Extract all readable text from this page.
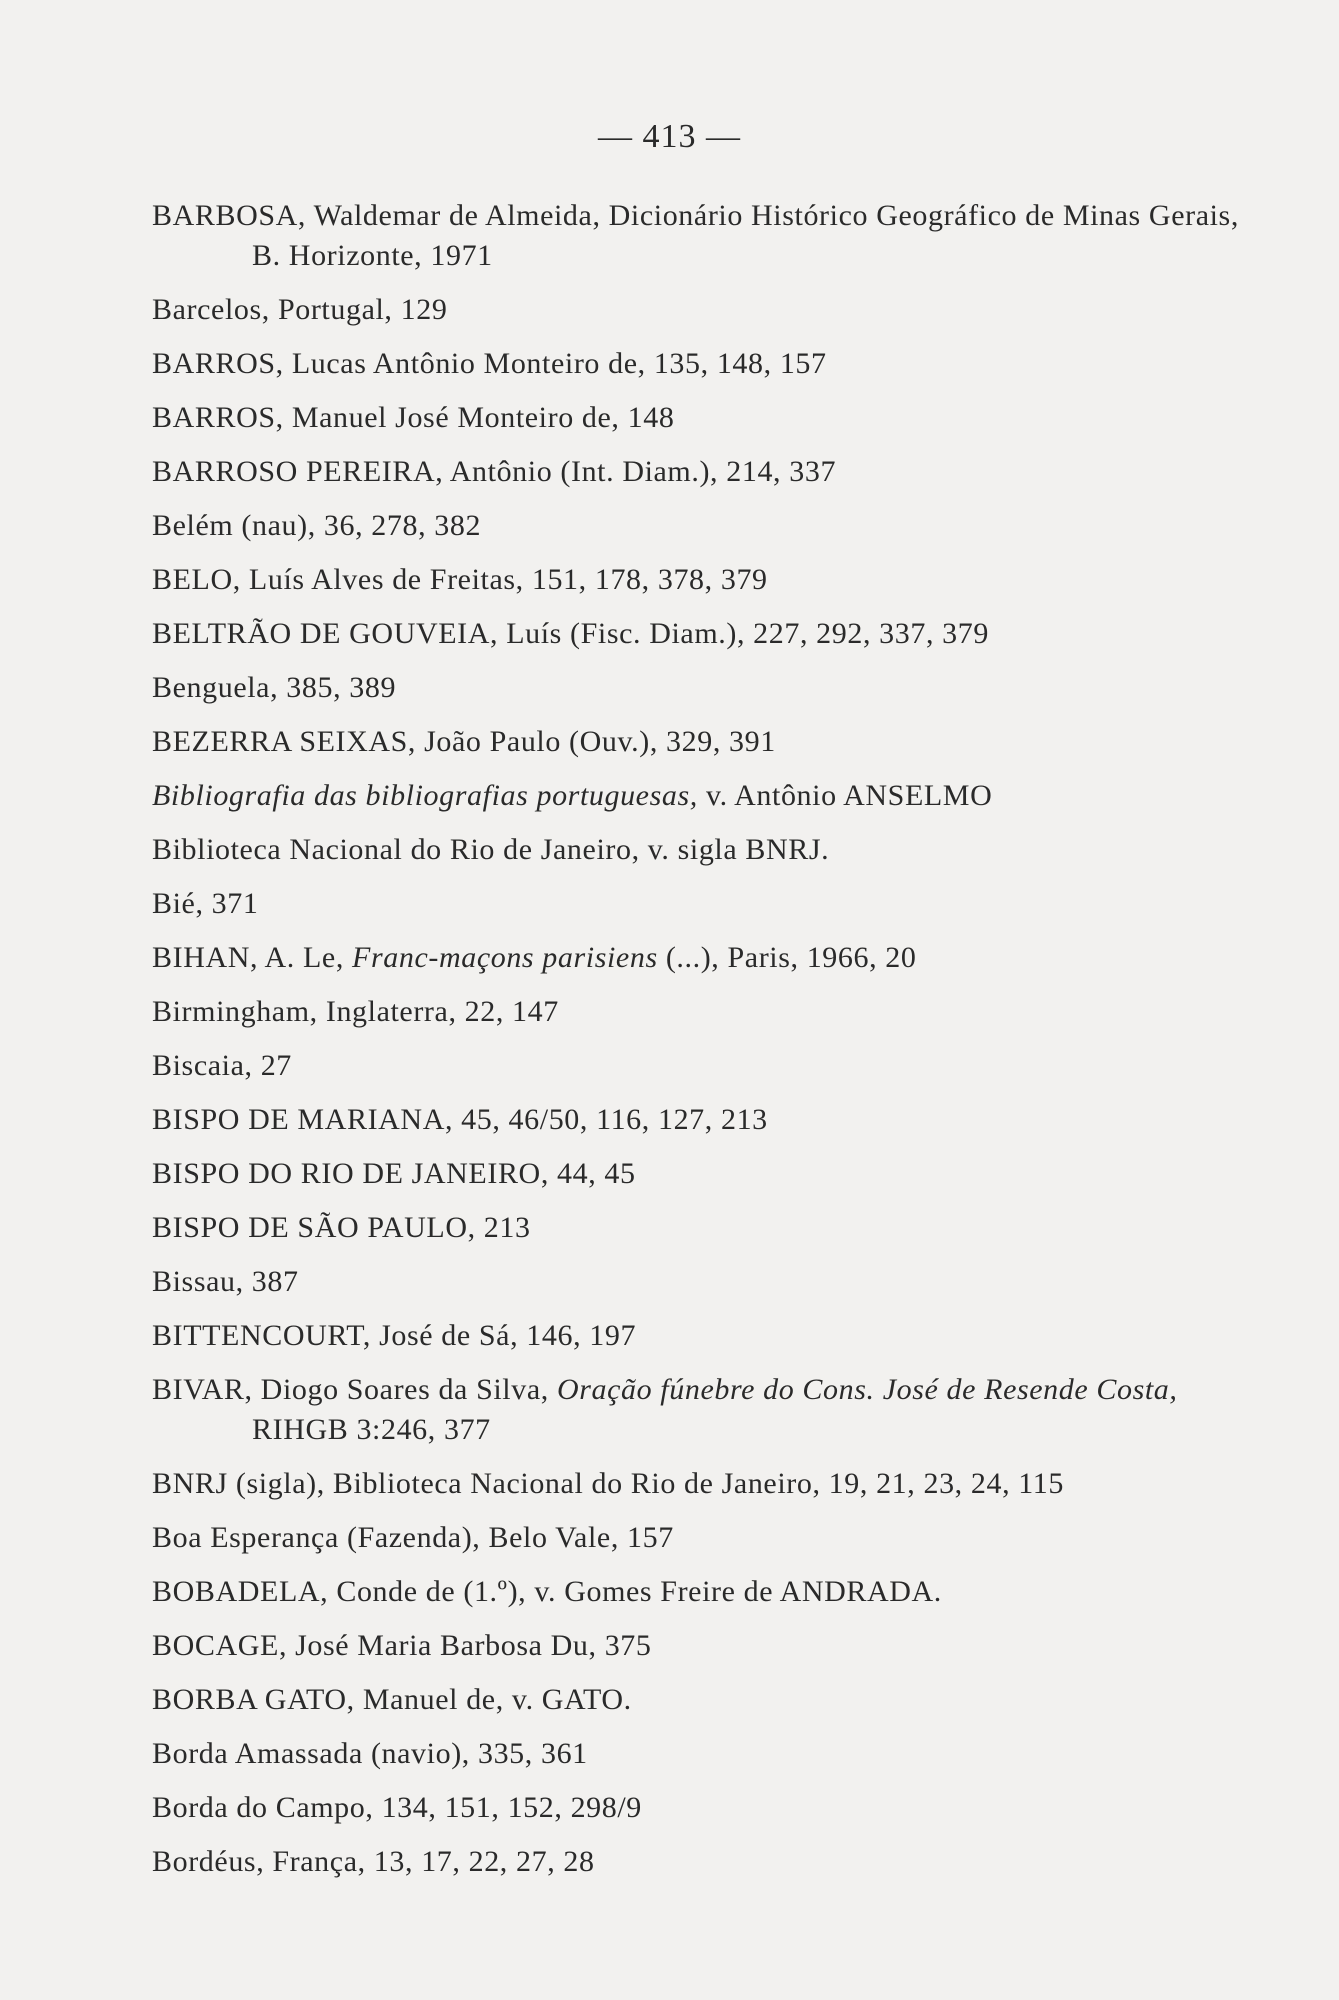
— 413 —

BARBOSA, Waldemar de Almeida, Dicionário Histórico Geográfico de Minas Gerais, B. Horizonte, 1971

Barcelos, Portugal, 129

BARROS, Lucas Antônio Monteiro de, 135, 148, 157

BARROS, Manuel José Monteiro de, 148

BARROSO PEREIRA, Antônio (Int. Diam.), 214, 337

Belém (nau), 36, 278, 382

BELO, Luís Alves de Freitas, 151, 178, 378, 379

BELTRÃO DE GOUVEIA, Luís (Fisc. Diam.), 227, 292, 337, 379

Benguela, 385, 389

BEZERRA SEIXAS, João Paulo (Ouv.), 329, 391

Bibliografia das bibliografias portuguesas, v. Antônio ANSELMO

Biblioteca Nacional do Rio de Janeiro, v. sigla BNRJ.

Bié, 371

BIHAN, A. Le, Franc-maçons parisiens (...), Paris, 1966, 20

Birmingham, Inglaterra, 22, 147

Biscaia, 27

BISPO DE MARIANA, 45, 46/50, 116, 127, 213

BISPO DO RIO DE JANEIRO, 44, 45

BISPO DE SÃO PAULO, 213

Bissau, 387

BITTENCOURT, José de Sá, 146, 197

BIVAR, Diogo Soares da Silva, Oração fúnebre do Cons. José de Resende Costa, RIHGB 3:246, 377

BNRJ (sigla), Biblioteca Nacional do Rio de Janeiro, 19, 21, 23, 24, 115

Boa Esperança (Fazenda), Belo Vale, 157

BOBADELA, Conde de (1.º), v. Gomes Freire de ANDRADA.

BOCAGE, José Maria Barbosa Du, 375

BORBA GATO, Manuel de, v. GATO.

Borda Amassada (navio), 335, 361

Borda do Campo, 134, 151, 152, 298/9

Bordéus, França, 13, 17, 22, 27, 28
